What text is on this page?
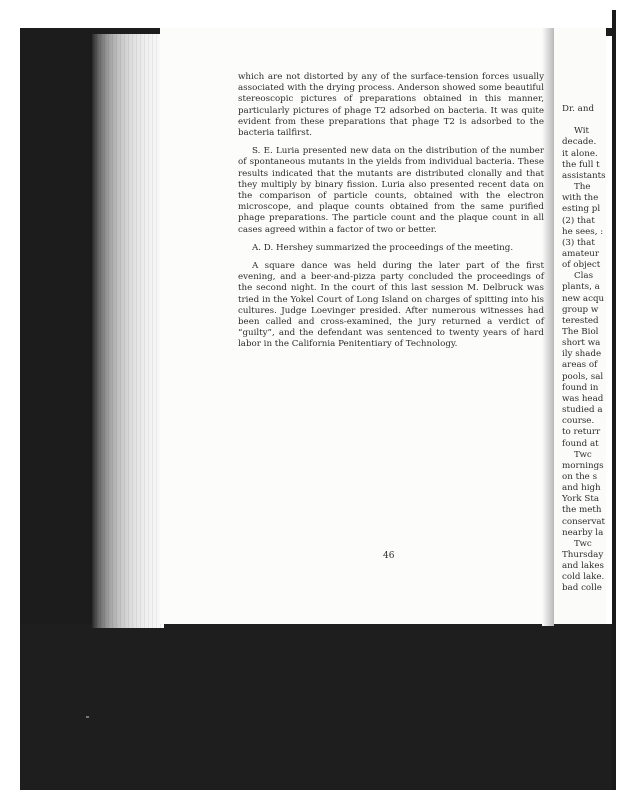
which are not distorted by any of the surface-tension forces usually associated with the drying process. Anderson showed some beautiful stereoscopic pictures of preparations obtained in this manner, particularly pictures of phage T2 adsorbed on bacteria. It was quite evident from these preparations that phage T2 is adsorbed to the bacteria tailfirst.

S. E. Luria presented new data on the distribution of the number of spontaneous mutants in the yields from individual bacteria. These results indicated that the mutants are distributed clonally and that they multiply by binary fission. Luria also presented recent data on the comparison of particle counts, obtained with the electron microscope, and plaque counts obtained from the same purified phage preparations. The particle count and the plaque count in all cases agreed within a factor of two or better.

A. D. Hershey summarized the proceedings of the meeting.

A square dance was held during the later part of the first evening, and a beer-and-pizza party concluded the proceedings of the second night. In the court of this last session M. Delbruck was tried in the Yokel Court of Long Island on charges of spitting into his cultures. Judge Loevinger presided. After numerous witnesses had been called and cross-examined, the jury returned a verdict of “guilty”, and the defendant was sentenced to twenty years of hard labor in the California Penitentiary of Technology.

46
Dr. and
Wit
decade.
it alone.
the full t
assistants
The
with the
esting pl
(2) that
he sees, :
(3) that
amateur
of object
Clas
plants, a
new acqu
group w
terested
The Biol
short wa
ily shade
areas of
pools, sal
found in
was head
studied a
course.
to returr
found at
Twc
mornings
on the s
and high
York Sta
the meth
conservat
nearby la
Twc
Thursday
and lakes
cold lake.
bad colle
